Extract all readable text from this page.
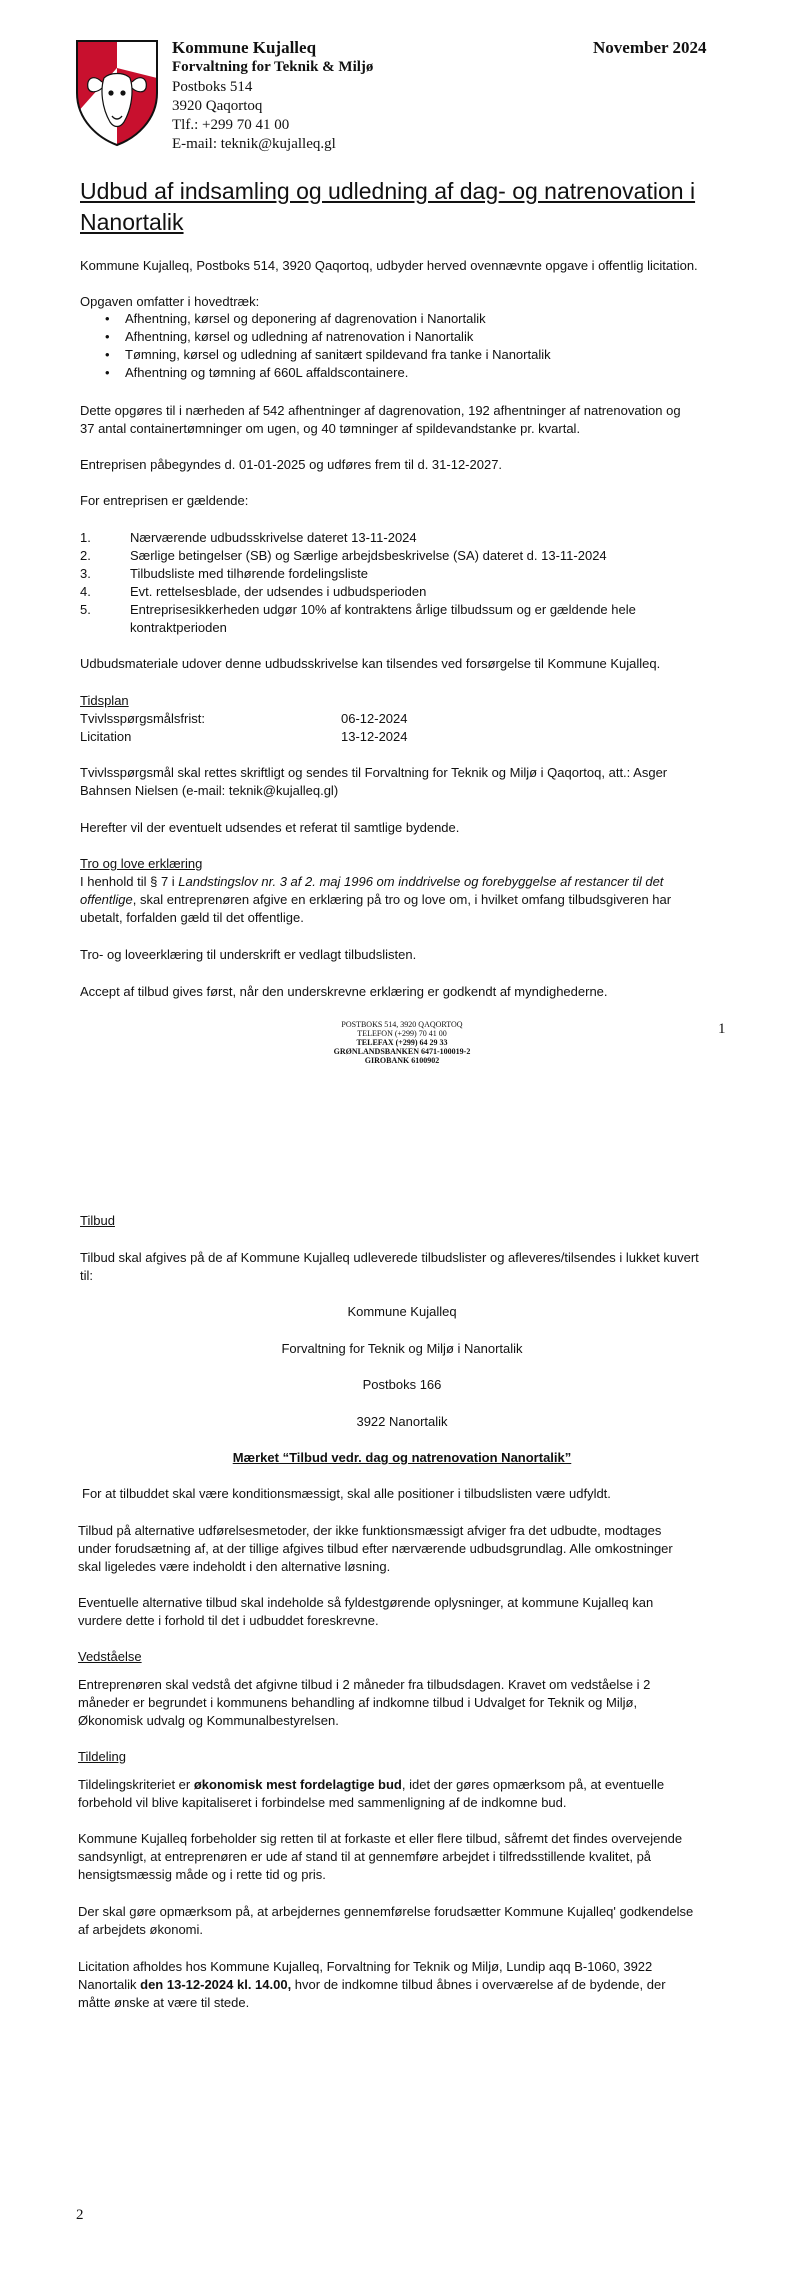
Kommune Kujalleq
Forvaltning for Teknik & Miljø
Postboks 514
3920 Qaqortoq
Tlf.: +299 70 41 00
E-mail: teknik@kujalleq.gl
November 2024
Udbud af indsamling og udledning af dag- og natrenovation i
Nanortalik
Kommune Kujalleq, Postboks 514, 3920 Qaqortoq, udbyder herved ovennævnte opgave i offentlig licitation.
Opgaven omfatter i hovedtræk:
• Afhentning, kørsel og deponering af dagrenovation i Nanortalik
• Afhentning, kørsel og udledning af natrenovation i Nanortalik
• Tømning, kørsel og udledning af sanitært spildevand fra tanke i Nanortalik
• Afhentning og tømning af 660L affaldscontainere.
Dette opgøres til i nærheden af 542 afhentninger af dagrenovation, 192 afhentninger af natrenovation og
37 antal containertømninger om ugen, og 40 tømninger af spildevandstanke pr. kvartal.
Entreprisen påbegyndes d. 01-01-2025 og udføres frem til d. 31-12-2027.
For entreprisen er gældende:
1.	Nærværende udbudsskrivelse dateret 13-11-2024
2.	Særlige betingelser (SB) og Særlige arbejdsbeskrivelse (SA) dateret d. 13-11-2024
3.	Tilbudsliste med tilhørende fordelingsliste
4.	Evt. rettelsesblade, der udsendes i udbudsperioden
5.	Entreprisesikkerheden udgør 10% af kontraktens årlige tilbudssum og er gældende hele kontraktperioden
Udbudsmateriale udover denne udbudsskrivelse kan tilsendes ved forsørgelse til Kommune Kujalleq.
Tidsplan
Tvivlsspørgsmålsfrist:	06-12-2024
Licitation	13-12-2024
Tvivlsspørgsmål skal rettes skriftligt og sendes til Forvaltning for Teknik og Miljø i Qaqortoq, att.: Asger
Bahnsen Nielsen (e-mail: teknik@kujalleq.gl)
Herefter vil der eventuelt udsendes et referat til samtlige bydende.
Tro og love erklæring
I henhold til § 7 i Landstingslov nr. 3 af 2. maj 1996 om inddrivelse og forebyggelse af restancer til det
offentlige, skal entreprenøren afgive en erklæring på tro og love om, i hvilket omfang tilbudsgiveren har
ubetalt, forfalden gæld til det offentlige.
Tro- og loveerklæring til underskrift er vedlagt tilbudslisten.
Accept af tilbud gives først, når den underskrevne erklæring er godkendt af myndighederne.
POSTBOKS 514, 3920 QAQORTOQ
TELEFON (+299) 70 41 00
TELEFAX (+299) 64 29 33
GRØNLANDSBANKEN 6471-100019-2
GIROBANK 6100902
1
Tilbud
Tilbud skal afgives på de af Kommune Kujalleq udleverede tilbudslister og afleveres/tilsendes i lukket kuvert
til:
Kommune Kujalleq
Forvaltning for Teknik og Miljø i Nanortalik
Postboks 166
3922 Nanortalik
Mærket “Tilbud vedr. dag og natrenovation Nanortalik”
For at tilbuddet skal være konditionsmæssigt, skal alle positioner i tilbudslisten være udfyldt.
Tilbud på alternative udførelsesmetoder, der ikke funktionsmæssigt afviger fra det udbudte, modtages
under forudsætning af, at der tillige afgives tilbud efter nærværende udbudsgrundlag. Alle omkostninger
skal ligeledes være indeholdt i den alternative løsning.
Eventuelle alternative tilbud skal indeholde så fyldestgørende oplysninger, at kommune Kujalleq kan
vurdere dette i forhold til det i udbuddet foreskrevne.
Vedståelse
Entreprenøren skal vedstå det afgivne tilbud i 2 måneder fra tilbudsdagen. Kravet om vedståelse i 2
måneder er begrundet i kommunens behandling af indkomne tilbud i Udvalget for Teknik og Miljø,
Økonomisk udvalg og Kommunalbestyrelsen.
Tildeling
Tildelingskriteriet er økonomisk mest fordelagtige bud, idet der gøres opmærksom på, at eventuelle
forbehold vil blive kapitaliseret i forbindelse med sammenligning af de indkomne bud.
Kommune Kujalleq forbeholder sig retten til at forkaste et eller flere tilbud, såfremt det findes overvejende
sandsynligt, at entreprenøren er ude af stand til at gennemføre arbejdet i tilfredsstillende kvalitet, på
hensigtsmæssig måde og i rette tid og pris.
Der skal gøre opmærksom på, at arbejdernes gennemførelse forudsætter Kommune Kujalleq' godkendelse
af arbejdets økonomi.
Licitation afholdes hos Kommune Kujalleq, Forvaltning for Teknik og Miljø, Lundip aqq B-1060, 3922
Nanortalik den 13-12-2024 kl. 14.00, hvor de indkomne tilbud åbnes i overværelse af de bydende, der
måtte ønske at være til stede.
2
